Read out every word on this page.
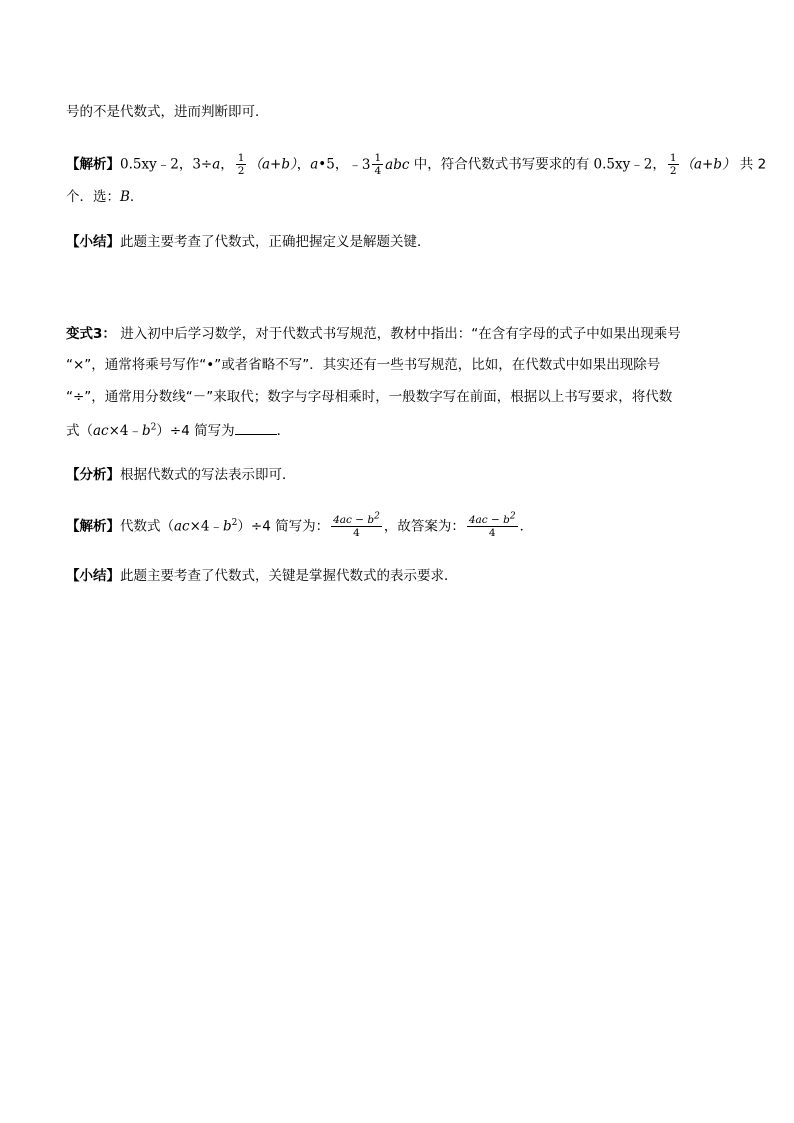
号的不是代数式，进而判断即可．
【解析】0.5xy﹣2，3÷a， $\frac{1}{2} (a+b)$，a•5， ﹣3 $\frac{1}{4}$ abc 中，符合代数式书写要求的有 0.5xy﹣2， $\frac{1}{2} (a+b)$ 共 2
个．选：B．
【小结】此题主要考查了代数式，正确把握定义是解题关键．
变式3： 进入初中后学习数学，对于代数式书写规范，教材中指出：“在含有字母的式子中如果出现乘号
“×”，通常将乘号写作“•”或者省略不写”．其实还有一些书写规范，比如，在代数式中如果出现除号
“÷”，通常用分数线“－”来取代；数字与字母相乘时，一般数字写在前面，根据以上书写要求，将代数
式$(ac\times 4﹣b^2)\div 4$ 简写为	．
【分析】根据代数式的写法表示即可．
【解析】代数式$(ac\times 4﹣b^2)\div 4$ 简写为： $\frac{4ac - b^2}{4}$ ，故答案为： $\frac{4ac - b^2}{4}$ ．
【小结】此题主要考查了代数式，关键是掌握代数式的表示要求．
